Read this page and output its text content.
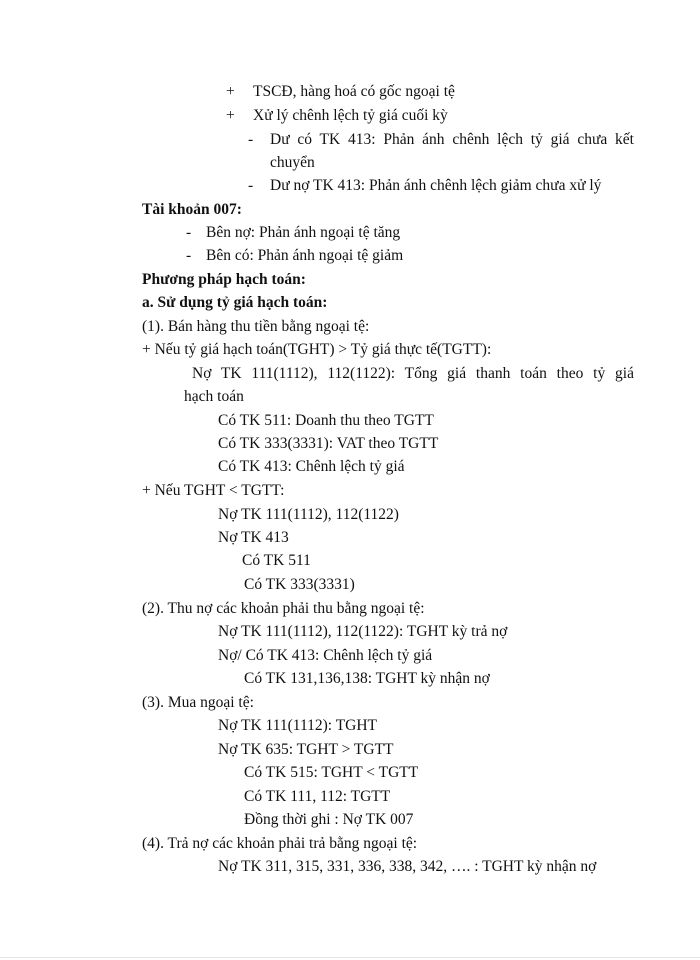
+ TSCĐ, hàng hoá có gốc ngoại tệ
+ Xử lý chênh lệch tỷ giá cuối kỳ
- Dư có TK 413: Phản ánh chênh lệch tỷ giá chưa kết
chuyển
- Dư nợ TK 413: Phản ánh chênh lệch giảm chưa xử lý
Tài khoản 007:
- Bên nợ: Phản ánh ngoại tệ tăng
- Bên có: Phản ánh ngoại tệ giảm
Phương pháp hạch toán:
a. Sử dụng tỷ giá hạch toán:
(1). Bán hàng thu tiền bằng ngoại tệ:
+ Nếu tỷ giá hạch toán(TGHT) > Tỷ giá thực tế(TGTT):
Nợ TK 111(1112), 112(1122): Tổng giá thanh toán theo tỷ giá
hạch toán
Có TK 511: Doanh thu theo TGTT
Có TK 333(3331): VAT theo TGTT
Có TK 413: Chênh lệch tỷ giá
+ Nếu TGHT < TGTT:
Nợ TK 111(1112), 112(1122)
Nợ TK 413
Có TK 511
Có TK 333(3331)
(2). Thu nợ các khoản phải thu bằng ngoại tệ:
Nợ TK 111(1112), 112(1122): TGHT kỳ trả nợ
Nợ/ Có TK 413: Chênh lệch tỷ giá
Có TK 131,136,138: TGHT kỳ nhận nợ
(3). Mua ngoại tệ:
Nợ TK 111(1112): TGHT
Nợ TK 635: TGHT > TGTT
Có TK 515: TGHT < TGTT
Có TK 111, 112: TGTT
Đồng thời ghi : Nợ TK 007
(4). Trả nợ các khoản phải trả bằng ngoại tệ:
Nợ TK 311, 315, 331, 336, 338, 342, …. : TGHT kỳ nhận nợ
